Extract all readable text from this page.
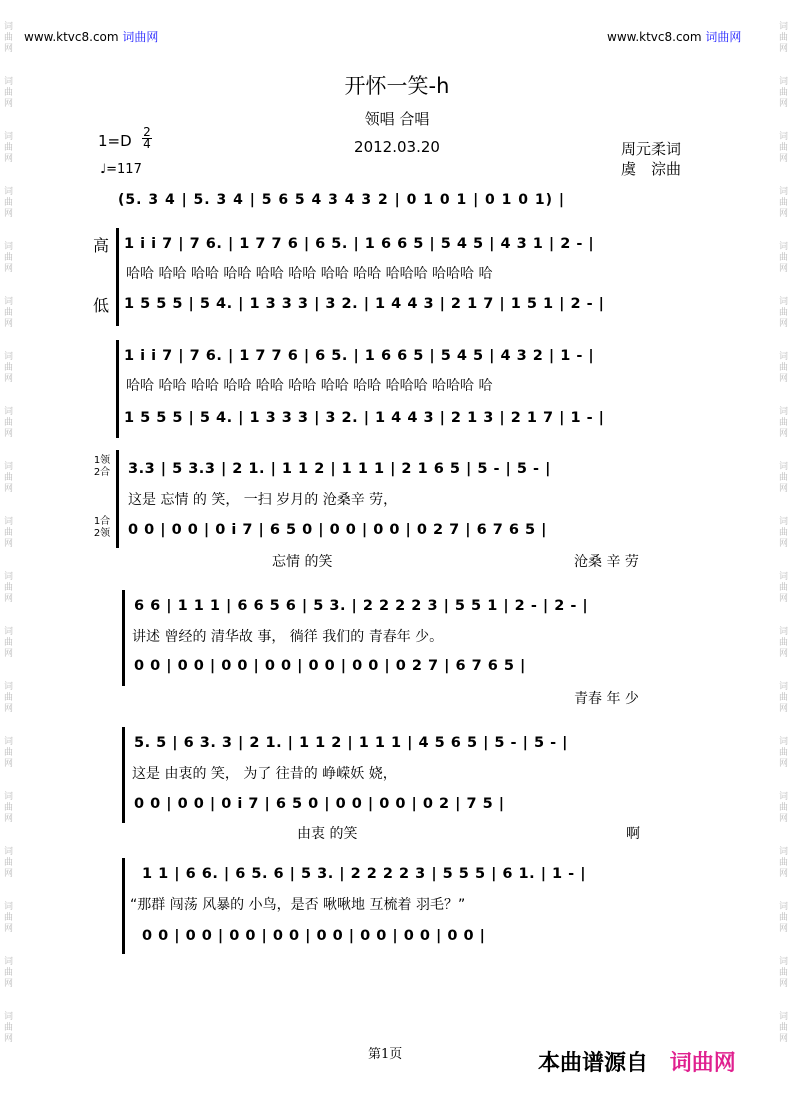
词
曲
网
词
曲
网
词
曲
网
词
曲
网
词
曲
网
词
曲
网
词
曲
网
词
曲
网
词
曲
网
词
曲
网
词
曲
网
词
曲
网
词
曲
网
词
曲
网
词
曲
网
词
曲
网
词
曲
网
词
曲
网
词
曲
网
词
曲
网
词
曲
网
词
曲
网
词
曲
网
词
曲
网
词
曲
网
词
曲
网
词
曲
网
词
曲
网
词
曲
网
词
曲
网
词
曲
网
词
曲
网
词
曲
网
词
曲
网
词
曲
网
词
曲
网
词
曲
网
词
曲
网
www.ktvc8.com 词曲网	www.ktvc8.com 词曲网
开怀一笑-h
领唱 合唱
2012.03.20
1=D 2
4
♩=117
周元柔词
虞　淙曲
(5. 3 4 | 5. 3 4 | 5 6 5 4 3 4 3 2 | 0 1 0 1 | 0 1 0 1) |
高
低
1 i i 7 | 7 6. | 1 7 7 6 | 6 5. | 1 6 6 5 | 5 4 5 | 4 3 1 | 2 - |
哈哈 哈哈 哈哈 哈哈 哈哈 哈哈 哈哈 哈哈 哈哈哈 哈哈哈 哈
1 5 5 5 | 5 4. | 1 3 3 3 | 3 2. | 1 4 4 3 | 2 1 7 | 1 5 1 | 2 - |
1 i i 7 | 7 6. | 1 7 7 6 | 6 5. | 1 6 6 5 | 5 4 5 | 4 3 2 | 1 - |
哈哈 哈哈 哈哈 哈哈 哈哈 哈哈 哈哈 哈哈 哈哈哈 哈哈哈 哈
1 5 5 5 | 5 4. | 1 3 3 3 | 3 2. | 1 4 4 3 | 2 1 3 | 2 1 7 | 1 - |
1领
2合
1合
2领
3.3 | 5 3.3 | 2 1. | 1 1 2 | 1 1 1 | 2 1 6 5 | 5 - | 5 - |
这是 忘情 的 笑， 一扫 岁月的 沧桑辛 劳，
0 0 | 0 0 | 0 i 7 | 6 5 0 | 0 0 | 0 0 | 0 2 7 | 6 7 6 5 |
忘情 的笑	沧桑 辛 劳
6 6 | 1 1 1 | 6 6 5 6 | 5 3. | 2 2 2 2 3 | 5 5 1 | 2 - | 2 - |
讲述 曾经的 清华故 事， 徜徉 我们的 青春年 少。
0 0 | 0 0 | 0 0 | 0 0 | 0 0 | 0 0 | 0 2 7 | 6 7 6 5 |
青春 年 少
5. 5 | 6 3. 3 | 2 1. | 1 1 2 | 1 1 1 | 4 5 6 5 | 5 - | 5 - |
这是 由衷的 笑， 为了 往昔的 峥嵘妖 娆，
0 0 | 0 0 | 0 i 7 | 6 5 0 | 0 0 | 0 0 | 0 2 | 7 5 |
由衷 的笑	啊
1 1 | 6 6. | 6 5. 6 | 5 3. | 2 2 2 2 3 | 5 5 5 | 6 1. | 1 - |
“那群 闯荡 风暴的 小鸟，是否 啾啾地 互梳着 羽毛？”
0 0 | 0 0 | 0 0 | 0 0 | 0 0 | 0 0 | 0 0 | 0 0 |
第1页	本曲谱源自 词曲网
